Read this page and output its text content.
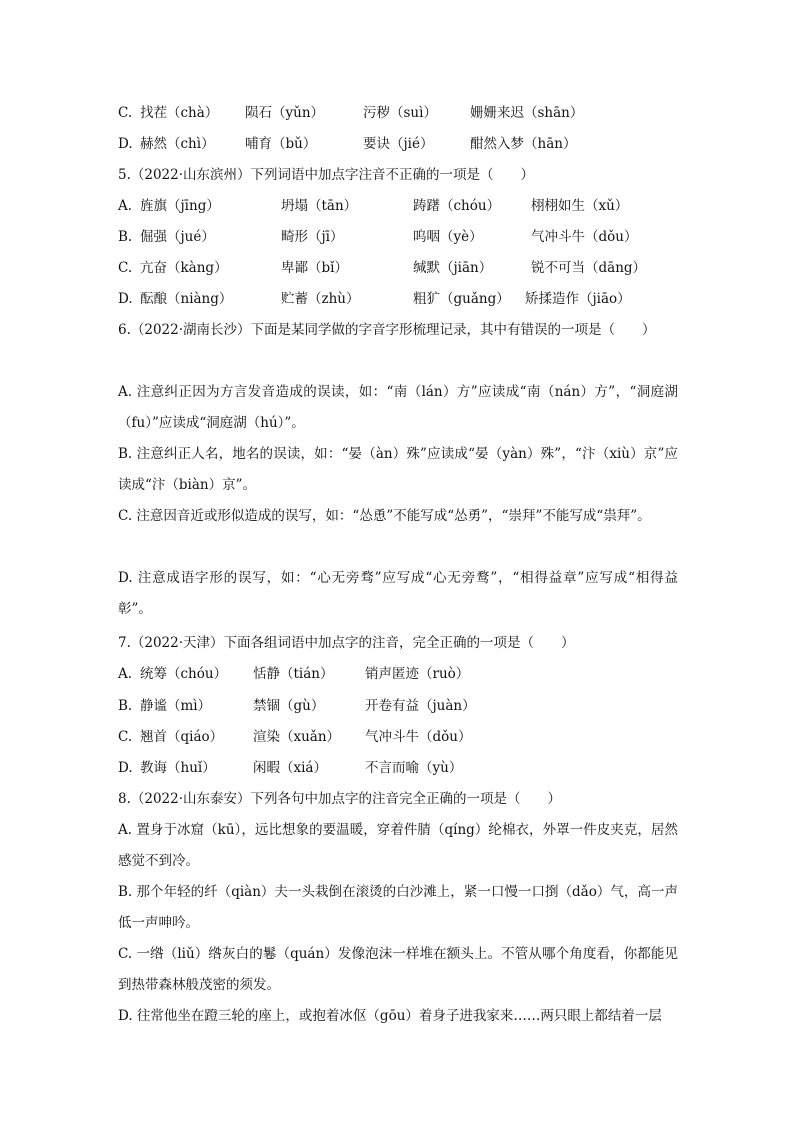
C. 找茬（chà） 陨石（yǔn）	污秽（suì） 姗姗来迟（shān）
D. 赫然（chì） 哺育（bǔ）	要诀（jié）	酣然入梦（hān）
5.（2022·山东滨州）下列词语中加点字注音不正确的一项是（　　）
A. 旌旗（jīng）	坍塌（tān）	踌躇（chóu） 栩栩如生（xǔ）
B. 倔强（jué）	畸形（jī）	呜咽（yè）	气冲斗牛（dǒu）
C. 亢奋（kàng）	卑鄙（bǐ）	缄默（jiān）	锐不可当（dāng）
D. 酝酿（niàng）	贮蓄（zhù）	粗犷（guǎng） 矫揉造作（jiāo）
6.（2022·湖南长沙）下面是某同学做的字音字形梳理记录，其中有错误的一项是（　　）
A. 注意纠正因为方言发音造成的误读，如：“南（lán）方”应读成“南（nán）方”，“洞庭湖（fu）”应读成“洞庭湖（hú）”。
B. 注意纠正人名，地名的误读，如：“晏（àn）殊”应读成“晏（yàn）殊”，“汴（xiù）京”应读成“汴（biàn）京”。
C. 注意因音近或形似造成的误写，如：“怂恿”不能写成“怂勇”，“崇拜”不能写成“祟拜”。
D. 注意成语字形的误写，如：“心无旁骛”应写成“心无旁鹜”，“相得益章”应写成“相得益彰”。
7.（2022·天津）下面各组词语中加点字的注音，完全正确的一项是（　　）
A. 统筹（chóu） 恬静（tián） 销声匿迹（ruò）
B. 静谧（mì）	禁锢（gù）	开卷有益（juàn）
C. 翘首（qiáo） 渲染（xuǎn） 气冲斗牛（dǒu）
D. 教诲（huǐ）	闲暇（xiá）	不言而喻（yù）
8.（2022·山东泰安）下列各句中加点字的注音完全正确的一项是（　　）
A. 置身于冰窟（kū），远比想象的要温暖，穿着件腈（qíng）纶棉衣，外罩一件皮夹克，居然感觉不到冷。
B. 那个年轻的纤（qiàn）夫一头栽倒在滚烫的白沙滩上，紧一口慢一口捯（dǎo）气，高一声低一声呻吟。
C. 一绺（liǔ）绺灰白的鬈（quán）发像泡沫一样堆在额头上。不管从哪个角度看，你都能见到热带森林般茂密的须发。
D. 往常他坐在蹬三轮的座上，或抱着冰伛（gōu）着身子进我家来……两只眼上都结着一层
